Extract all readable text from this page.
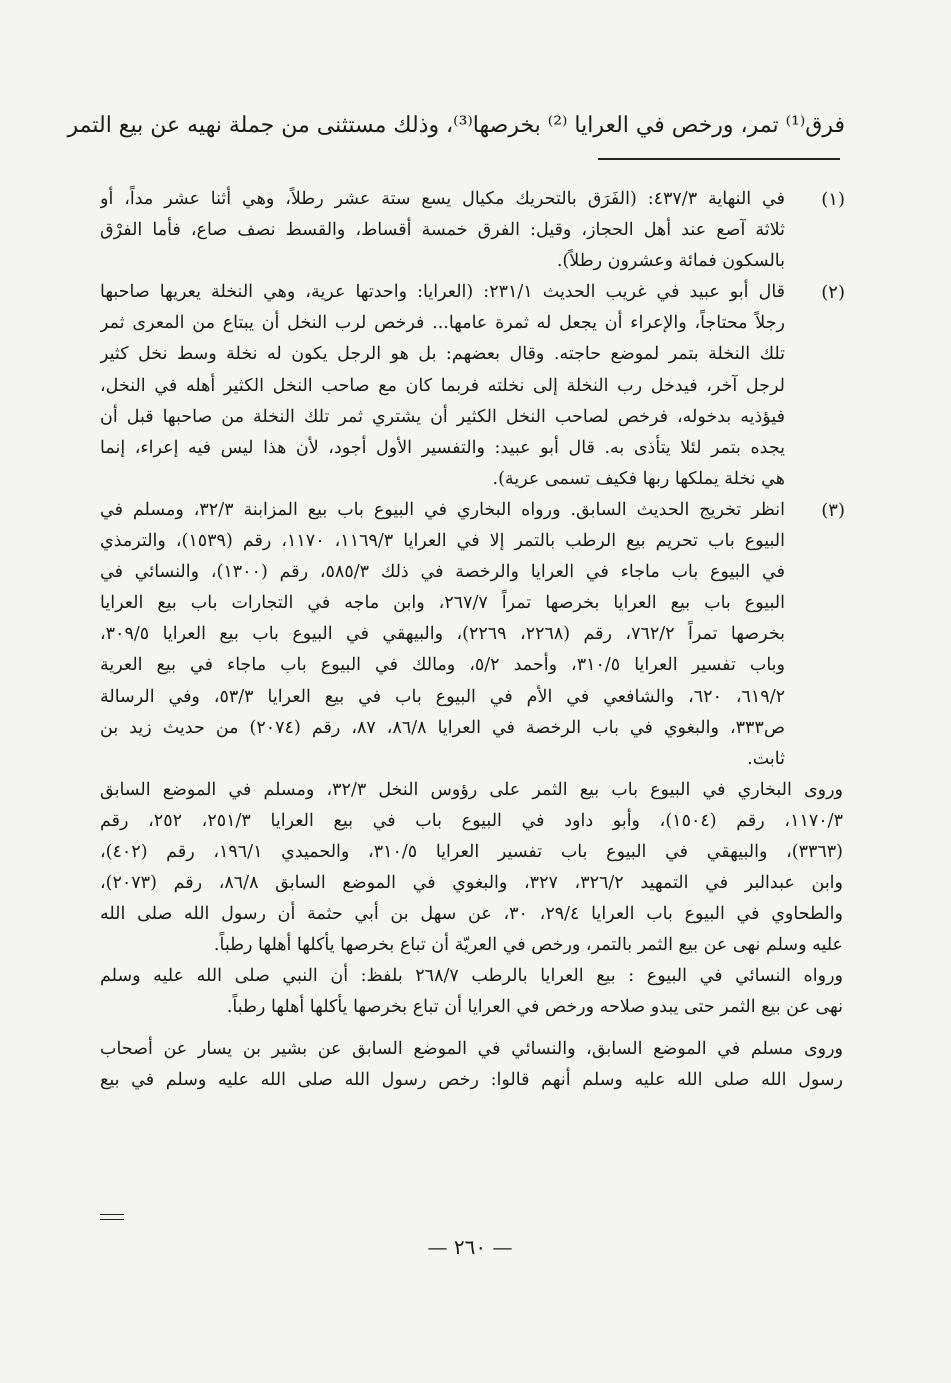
فرق⁽¹⁾ تمر، ورخص في العرايا ⁽²⁾ بخرصها⁽³⁾، وذلك مستثنى من جملة نهيه عن بيع التمر
(١)
في النهاية ٤٣٧/٣: (الفَرَق بالتحريك مكيال يسع ستة عشر رطلاً، وهي أثنا عشر مداً، أو
ثلاثة آصع عند أهل الحجاز، وقيل: الفرق خمسة أقساط، والقسط نصف صاع، فأما الفرْق
بالسكون فمائة وعشرون رطلاً).
(٢)
قال أبو عبيد في غريب الحديث ٢٣١/١: (العرايا: واحدتها عرية، وهي النخلة يعريها صاحبها
رجلاً محتاجاً، والإعراء أن يجعل له ثمرة عامها... فرخص لرب النخل أن يبتاع من المعرى ثمر
تلك النخلة بتمر لموضع حاجته. وقال بعضهم: بل هو الرجل يكون له نخلة وسط نخل كثير
لرجل آخر، فيدخل رب النخلة إلى نخلته فربما كان مع صاحب النخل الكثير أهله في النخل،
فيؤذيه بدخوله، فرخص لصاحب النخل الكثير أن يشتري ثمر تلك النخلة من صاحبها قبل أن
يجده بتمر لئلا يتأذى به. قال أبو عبيد: والتفسير الأول أجود، لأن هذا ليس فيه إعراء، إنما
هي نخلة يملكها ربها فكيف تسمى عرية).
(٣)
انظر تخريج الحديث السابق. ورواه البخاري في البيوع باب بيع المزابنة ٣٢/٣، ومسلم في
البيوع باب تحريم بيع الرطب بالتمر إلا في العرايا ١١٦٩/٣، ١١٧٠، رقم (١٥٣٩)، والترمذي
في البيوع باب ماجاء في العرايا والرخصة في ذلك ٥٨٥/٣، رقم (١٣٠٠)، والنسائي في
البيوع باب بيع العرايا بخرصها تمراً ٢٦٧/٧، وابن ماجه في التجارات باب بيع العرايا
بخرصها تمراً ٧٦٢/٢، رقم (٢٢٦٨، ٢٢٦٩)، والبيهقي في البيوع باب بيع العرايا ٣٠٩/٥،
وباب تفسير العرايا ٣١٠/٥، وأحمد ٥/٢، ومالك في البيوع باب ماجاء في بيع العرية
٦١٩/٢، ٦٢٠، والشافعي في الأم في البيوع باب في بيع العرايا ٥٣/٣، وفي الرسالة
ص٣٣٣، والبغوي في باب الرخصة في العرايا ٨٦/٨، ٨٧، رقم (٢٠٧٤) من حديث زيد بن
ثابت.
وروى البخاري في البيوع باب بيع الثمر على رؤوس النخل ٣٢/٣، ومسلم في الموضع السابق
١١٧٠/٣، رقم (١٥٠٤)، وأبو داود في البيوع باب في بيع العرايا ٢٥١/٣، ٢٥٢، رقم
(٣٣٦٣)، والبيهقي في البيوع باب تفسير العرايا ٣١٠/٥، والحميدي ١٩٦/١، رقم (٤٠٢)،
وابن عبدالبر في التمهيد ٣٢٦/٢، ٣٢٧، والبغوي في الموضع السابق ٨٦/٨، رقم (٢٠٧٣)،
والطحاوي في البيوع باب العرايا ٢٩/٤، ٣٠، عن سهل بن أبي حثمة أن رسول الله صلى الله
عليه وسلم نهى عن بيع الثمر بالتمر، ورخص في العريّة أن تباع بخرصها يأكلها أهلها رطباً.
ورواه النسائي في البيوع : بيع العرايا بالرطب ٢٦٨/٧ بلفظ: أن النبي صلى الله عليه وسلم
نهى عن بيع الثمر حتى يبدو صلاحه ورخص في العرايا أن تباع بخرصها يأكلها أهلها رطباً.
وروى مسلم في الموضع السابق، والنسائي في الموضع السابق عن بشير بن يسار عن أصحاب
رسول الله صلى الله عليه وسلم أنهم قالوا: رخص رسول الله صلى الله عليه وسلم في بيع
— ٢٦٠ —
